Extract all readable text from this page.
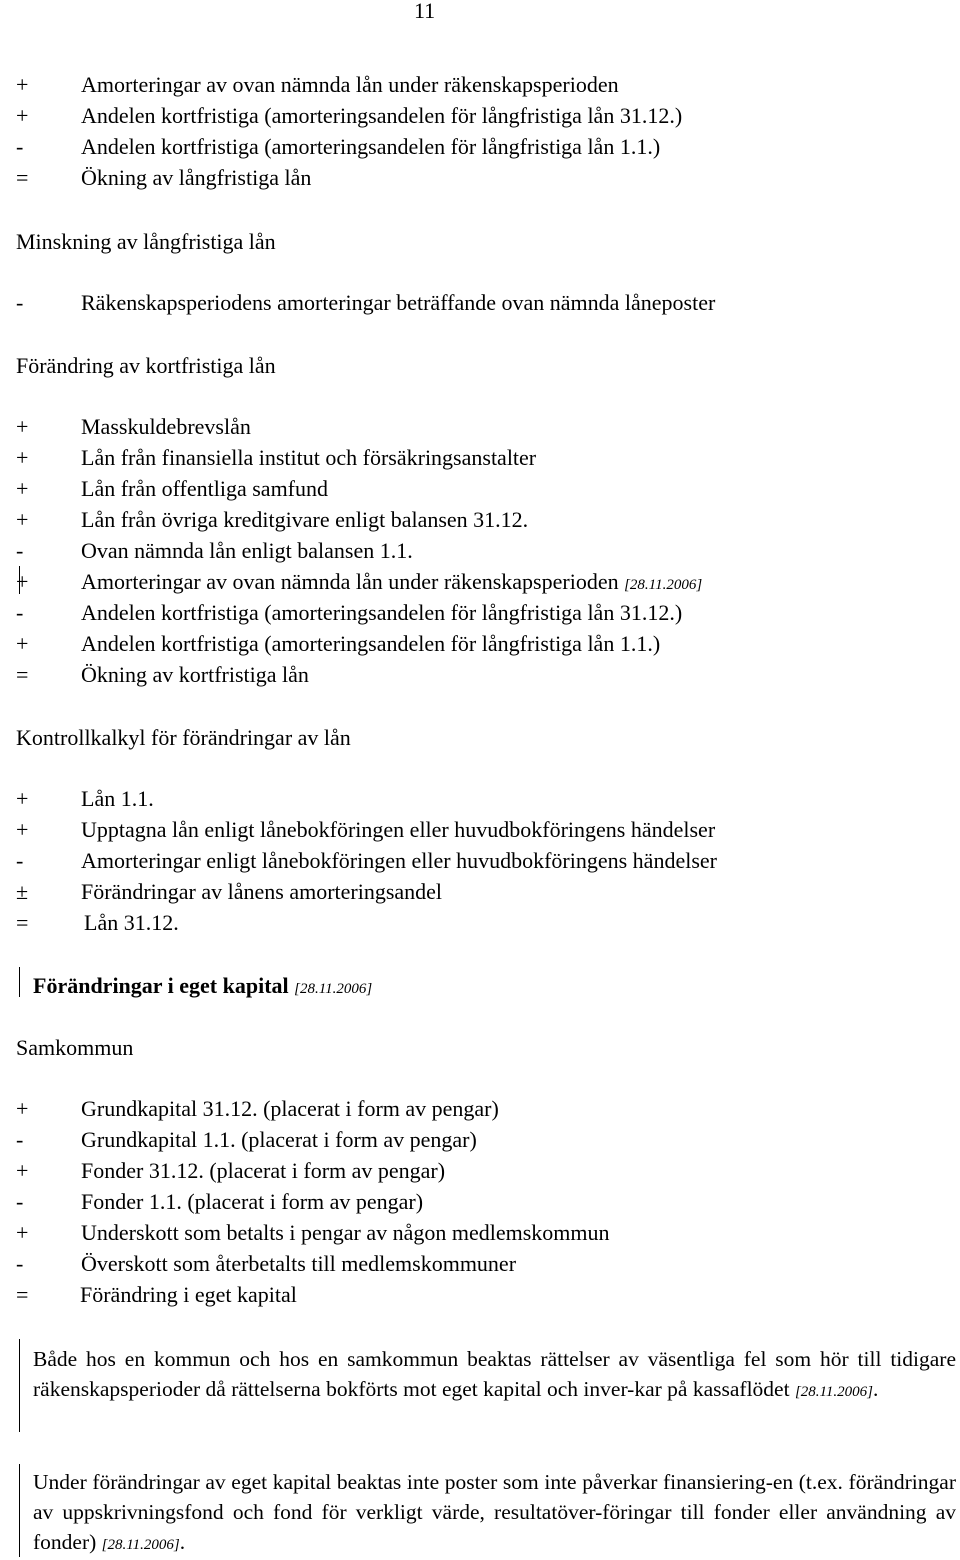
11
+	Amorteringar av ovan nämnda lån under räkenskapsperioden
+	Andelen kortfristiga (amorteringsandelen för långfristiga lån 31.12.)
-	Andelen kortfristiga (amorteringsandelen för långfristiga lån 1.1.)
=	Ökning av långfristiga lån
Minskning av långfristiga lån
-	Räkenskapsperiodens amorteringar beträffande ovan nämnda låneposter
Förändring av kortfristiga lån
+	Masskuldebrevslån
+	Lån från finansiella institut och försäkringsanstalter
+	Lån från offentliga samfund
+	Lån från övriga kreditgivare enligt balansen 31.12.
-	Ovan nämnda lån enligt balansen 1.1.
+	Amorteringar av ovan nämnda lån under räkenskapsperioden [28.11.2006]
-	Andelen kortfristiga (amorteringsandelen för långfristiga lån 31.12.)
+	Andelen kortfristiga (amorteringsandelen för långfristiga lån 1.1.)
=	Ökning av kortfristiga lån
Kontrollkalkyl för förändringar av lån
+	Lån 1.1.
+	Upptagna lån enligt lånebokföringen eller huvudbokföringens händelser
-	Amorteringar enligt lånebokföringen eller huvudbokföringens händelser
±	Förändringar av lånens amorteringsandel
=	Lån 31.12.
Förändringar i eget kapital [28.11.2006]
Samkommun
+	Grundkapital 31.12. (placerat i form av pengar)
-	Grundkapital 1.1. (placerat i form av pengar)
+	Fonder 31.12. (placerat i form av pengar)
-	Fonder 1.1. (placerat i form av pengar)
+	Underskott som betalts i pengar av någon medlemskommun
-	Överskott som återbetalts till medlemskommuner
=	Förändring i eget kapital
Både hos en kommun och hos en samkommun beaktas rättelser av väsentliga fel som hör till tidigare räkenskapsperioder då rättelserna bokförts mot eget kapital och inver-kar på kassaflödet [28.11.2006].
Under förändringar av eget kapital beaktas inte poster som inte påverkar finansiering-en (t.ex. förändringar av uppskrivningsfond och fond för verkligt värde, resultatöver-föringar till fonder eller användning av fonder) [28.11.2006].
